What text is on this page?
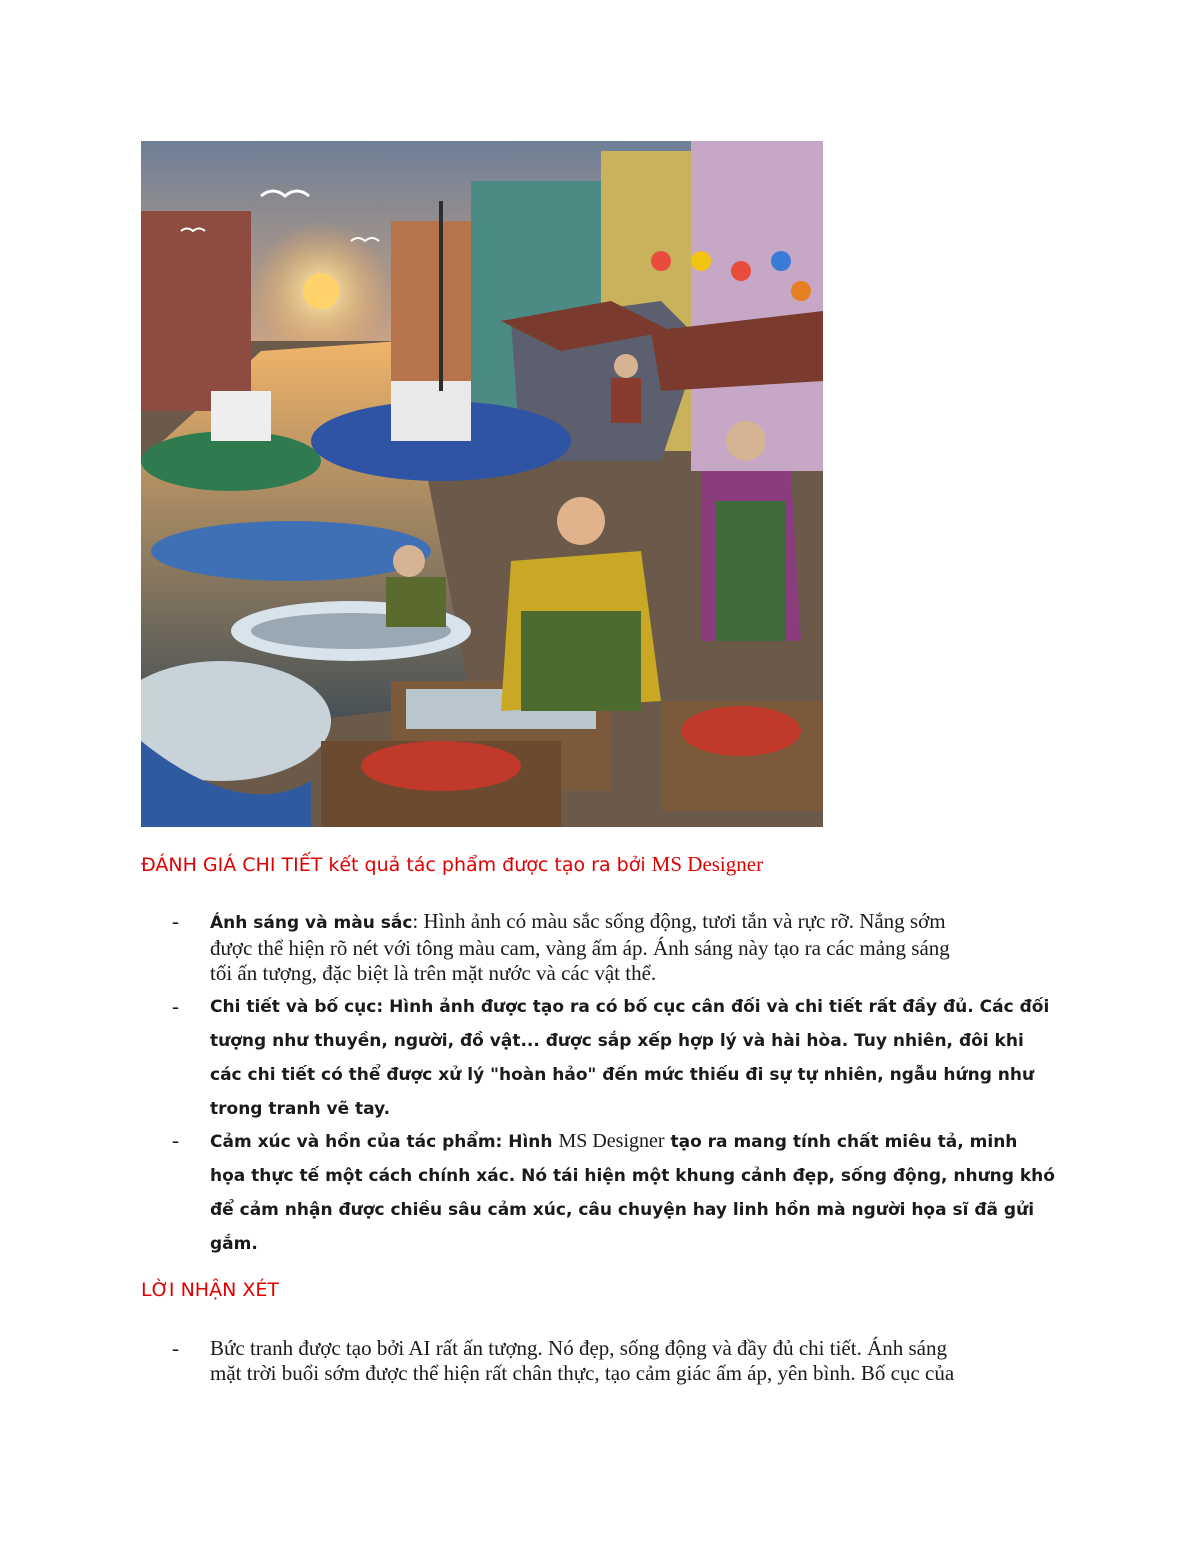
ĐÁNH GIÁ CHI TIẾT kết quả tác phẩm được tạo ra bởi MS Designer
-	Ánh sáng và màu sắc: Hình ảnh có màu sắc sống động, tươi tắn và rực rỡ. Nắng sớm
được thể hiện rõ nét với tông màu cam, vàng ấm áp. Ánh sáng này tạo ra các mảng sáng
tối ấn tượng, đặc biệt là trên mặt nước và các vật thể.
-	Chi tiết và bố cục: Hình ảnh được tạo ra có bố cục cân đối và chi tiết rất đầy đủ. Các đối
tượng như thuyền, người, đồ vật... được sắp xếp hợp lý và hài hòa. Tuy nhiên, đôi khi
các chi tiết có thể được xử lý "hoàn hảo" đến mức thiếu đi sự tự nhiên, ngẫu hứng như
trong tranh vẽ tay.
-	Cảm xúc và hồn của tác phẩm: Hình MS Designer tạo ra mang tính chất miêu tả, minh
họa thực tế một cách chính xác. Nó tái hiện một khung cảnh đẹp, sống động, nhưng khó
để cảm nhận được chiều sâu cảm xúc, câu chuyện hay linh hồn mà người họa sĩ đã gửi
gắm.
LỜI NHẬN XÉT
-	Bức tranh được tạo bởi AI rất ấn tượng. Nó đẹp, sống động và đầy đủ chi tiết. Ánh sáng
mặt trời buổi sớm được thể hiện rất chân thực, tạo cảm giác ấm áp, yên bình. Bố cục của
